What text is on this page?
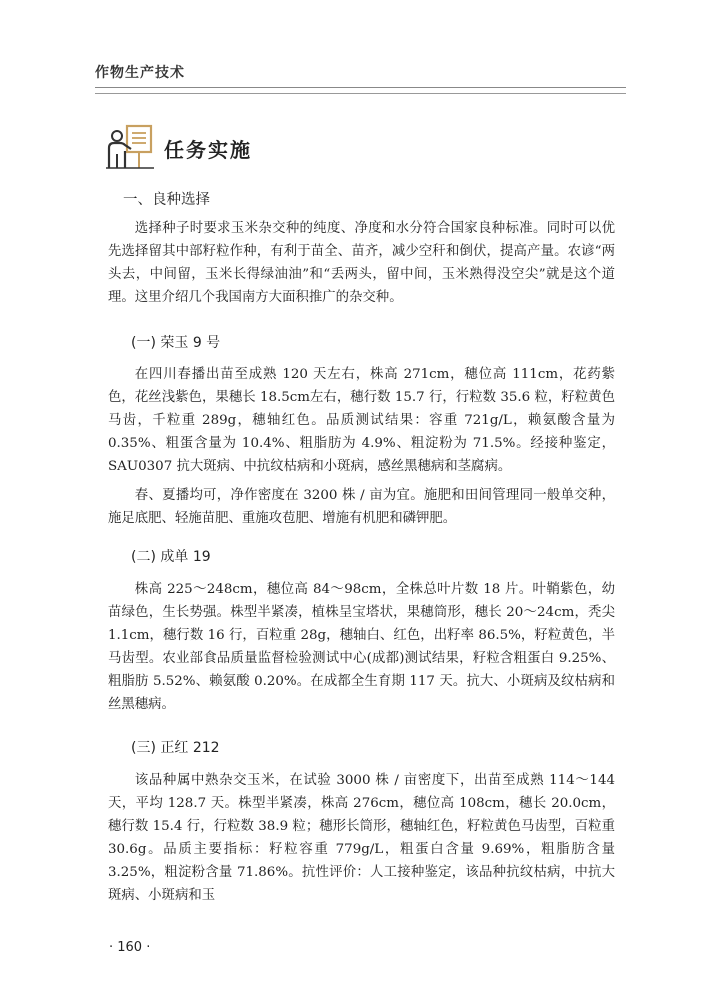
作物生产技术
任务实施
一、良种选择

选择种子时要求玉米杂交种的纯度、净度和水分符合国家良种标准。同时可以优先选择留其中部籽粒作种，有利于苗全、苗齐，减少空秆和倒伏，提高产量。农谚“两头去，中间留，玉米长得绿油油”和“丢两头，留中间，玉米熟得没空尖”就是这个道理。这里介绍几个我国南方大面积推广的杂交种。

(一) 荣玉 9 号

在四川春播出苗至成熟 120 天左右，株高 271cm，穗位高 111cm，花药紫色，花丝浅紫色，果穗长 18.5cm左右，穗行数 15.7 行，行粒数 35.6 粒，籽粒黄色马齿，千粒重 289g，穗轴红色。品质测试结果：容重 721g/L，赖氨酸含量为 0.35%、粗蛋含量为 10.4%、粗脂肪为 4.9%、粗淀粉为 71.5%。经接种鉴定，SAU0307 抗大斑病、中抗纹枯病和小斑病，感丝黑穗病和茎腐病。

春、夏播均可，净作密度在 3200 株 / 亩为宜。施肥和田间管理同一般单交种，施足底肥、轻施苗肥、重施攻苞肥、增施有机肥和磷钾肥。

(二) 成单 19

株高 225～248cm，穗位高 84～98cm，全株总叶片数 18 片。叶鞘紫色，幼苗绿色，生长势强。株型半紧凑，植株呈宝塔状，果穗筒形，穗长 20～24cm，秃尖 1.1cm，穗行数 16 行，百粒重 28g，穗轴白、红色，出籽率 86.5%，籽粒黄色，半马齿型。农业部食品质量监督检验测试中心(成都)测试结果，籽粒含粗蛋白 9.25%、粗脂肪 5.52%、赖氨酸 0.20%。在成都全生育期 117 天。抗大、小斑病及纹枯病和丝黑穗病。

(三) 正红 212

该品种属中熟杂交玉米，在试验 3000 株 / 亩密度下，出苗至成熟 114～144 天，平均 128.7 天。株型半紧凑，株高 276cm，穗位高 108cm，穗长 20.0cm，穗行数 15.4 行，行粒数 38.9 粒；穗形长筒形，穗轴红色，籽粒黄色马齿型，百粒重 30.6g。品质主要指标：籽粒容重 779g/L，粗蛋白含量 9.69%，粗脂肪含量 3.25%，粗淀粉含量 71.86%。抗性评价：人工接种鉴定，该品种抗纹枯病，中抗大斑病、小斑病和玉

· 160 ·
